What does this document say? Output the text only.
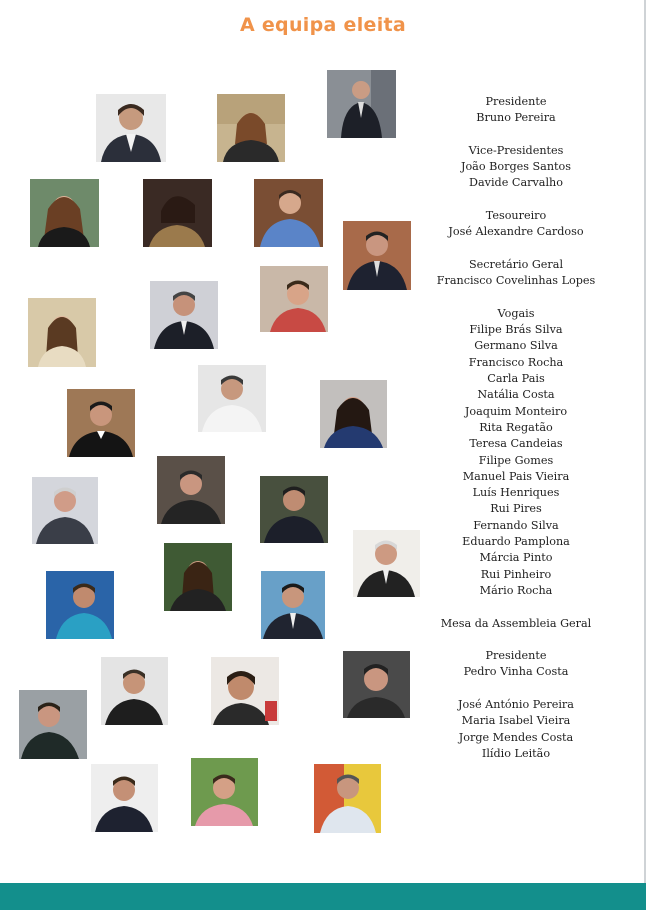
A equipa eleita
Presidente
Bruno Pereira
Vice-Presidentes
João Borges Santos
Davide Carvalho
Tesoureiro
José Alexandre Cardoso
Secretário Geral
Francisco Covelinhas Lopes
Vogais
Filipe Brás Silva
Germano Silva
Francisco Rocha
Carla Pais
Natália Costa
Joaquim Monteiro
Rita Regatão
Teresa Candeias
Filipe Gomes
Manuel Pais Vieira
Luís Henriques
Rui Pires
Fernando Silva
Eduardo Pamplona
Márcia Pinto
Rui Pinheiro
Mário Rocha
Mesa da Assembleia Geral
Presidente
Pedro Vinha Costa
José António Pereira
Maria Isabel Vieira
Jorge Mendes Costa
Ilídio Leitão
